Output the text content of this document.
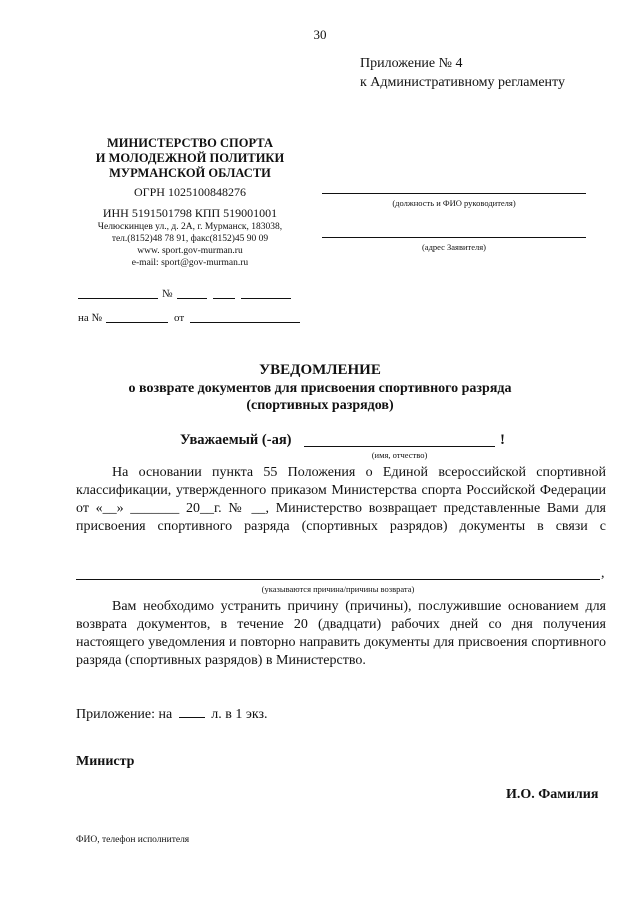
30
Приложение № 4
к Административному регламенту
МИНИСТЕРСТВО СПОРТА
И МОЛОДЕЖНОЙ ПОЛИТИКИ
МУРМАНСКОЙ ОБЛАСТИ
ОГРН 1025100848276
ИНН 5191501798 КПП 519001001
Челюскинцев ул., д. 2А, г. Мурманск, 183038,
тел.(8152)48 78 91, факс(8152)45 90 09
www. sport.gov-murman.ru
e-mail: sport@gov-murman.ru
(должность и ФИО руководителя)
(адрес Заявителя)
№
на №	от
УВЕДОМЛЕНИЕ
о возврате документов для присвоения спортивного разряда
(спортивных разрядов)
Уважаемый (-ая)	!
(имя, отчество)
На основании пункта 55 Положения о Единой всероссийской спортивной классификации, утвержденного приказом Министерства спорта Российской Федерации от «__» _______ 20__г. № __, Министерство возвращает представленные Вами для присвоения спортивного разряда (спортивных разрядов) документы в связи с
,
(указываются причина/причины возврата)
Вам необходимо устранить причину (причины), послужившие основанием для возврата документов, в течение 20 (двадцати) рабочих дней со дня получения настоящего уведомления и повторно направить документы для присвоения спортивного разряда (спортивных разрядов) в Министерство.
Приложение: на	л. в 1 экз.
Министр
И.О. Фамилия
ФИО, телефон исполнителя
